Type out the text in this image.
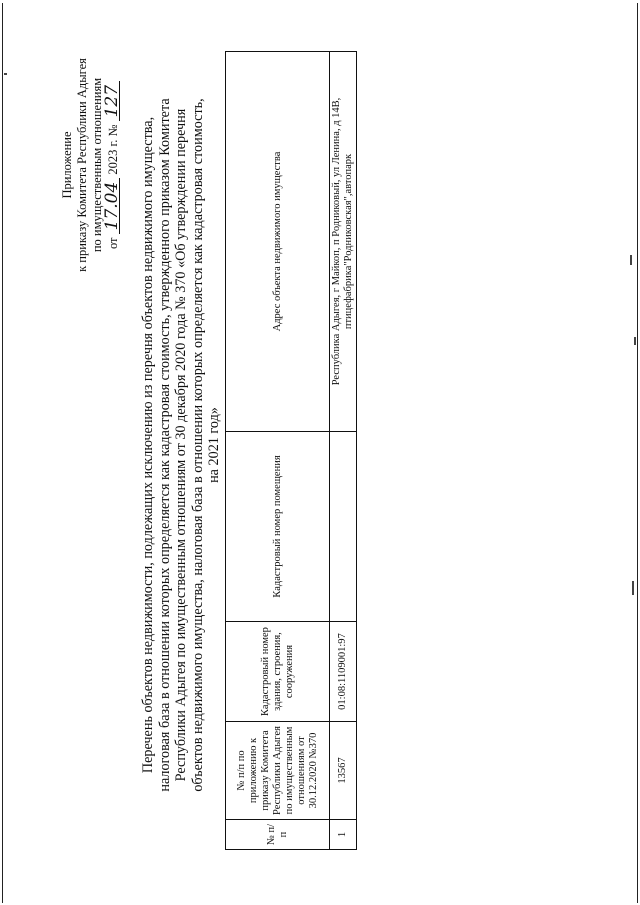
Приложение к приказу Комитета Республики Адыгея по имущественным отношениям от 17.04 2023 г. № 127
Перечень объектов недвижимости, подлежащих исключению из перечня объектов недвижимого имущества, налоговая база в отношении которых определяется как кадастровая стоимость, утвержденного приказом Комитета Республики Адыгея по имущественным отношениям от 30 декабря 2020 года № 370 «Об утверждении перечня объектов недвижимого имущества, налоговая база в отношении которых определяется как кадастровая стоимость, на 2021 год»
№ п/п	№ п/п по приложению к приказу Комитета Республики Адыгея по имущественным отношениям от 30.12.2020 №370	Кадастровый номер здания, строения, сооружения	Кадастровый номер помещения	Адрес объекта недвижимого имущества
1	13567	01:08:1109001:97		Республика Адыгея, г Майкоп, п Родниковый, ул Ленина, д 14В, птицефабрика"Родниковская",автопарк
